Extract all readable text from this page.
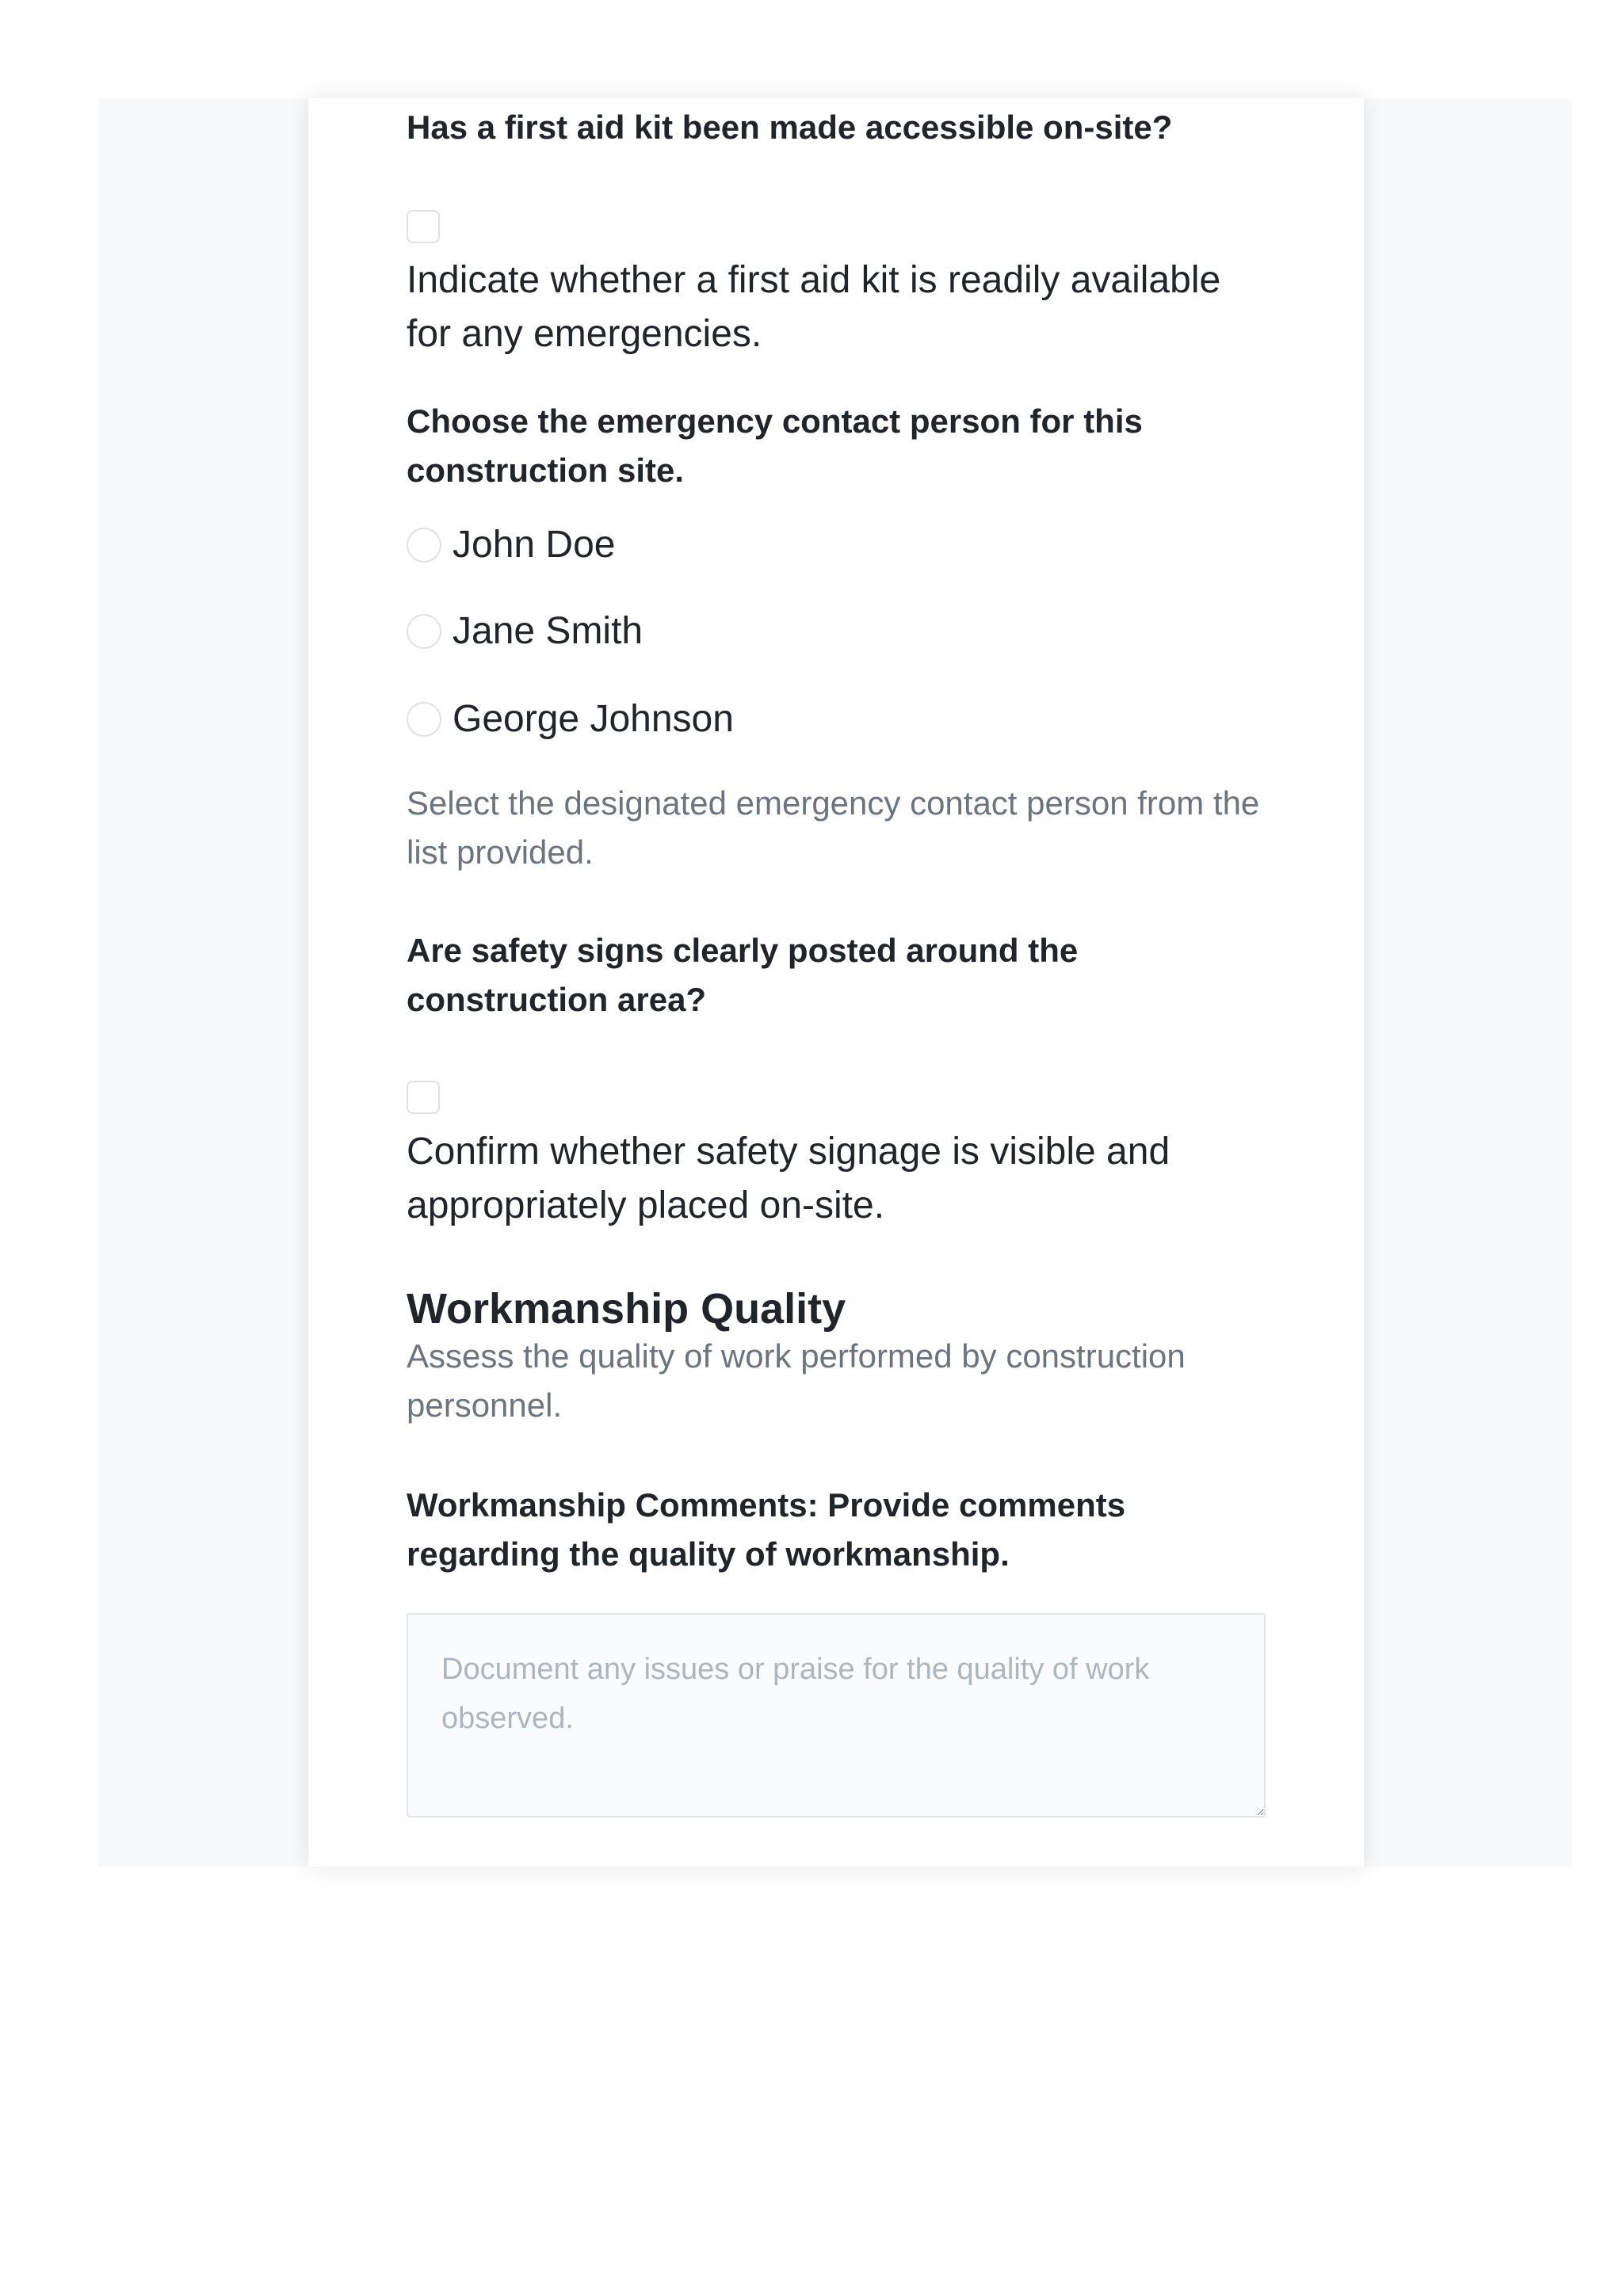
Has a first aid kit been made accessible on-site?

Indicate whether a first aid kit is readily available for any emergencies.

Choose the emergency contact person for this construction site.

John Doe
Jane Smith
George Johnson

Select the designated emergency contact person from the list provided.

Are safety signs clearly posted around the construction area?

Confirm whether safety signage is visible and appropriately placed on-site.

Workmanship Quality

Assess the quality of work performed by construction personnel.

Workmanship Comments: Provide comments regarding the quality of workmanship.

Document any issues or praise for the quality of work observed.
